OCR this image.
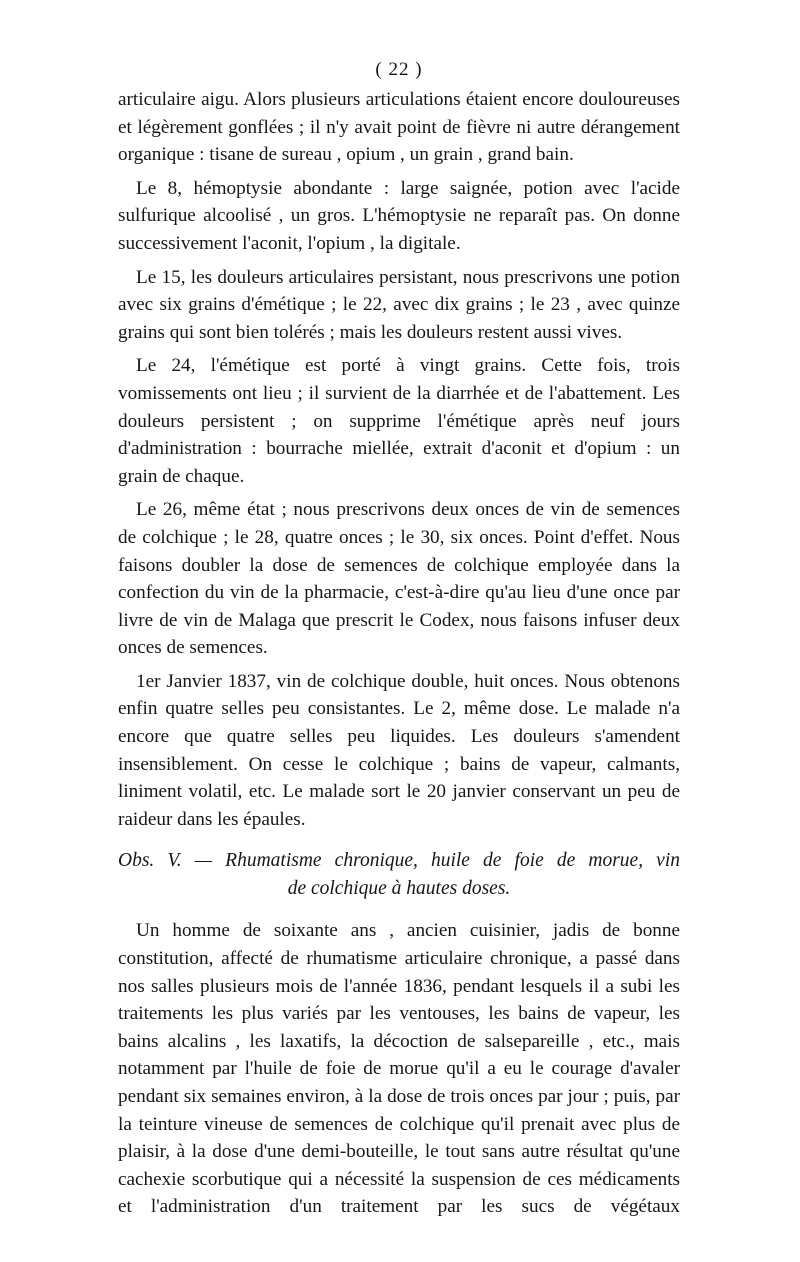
( 22 )

articulaire aigu. Alors plusieurs articulations étaient encore douloureuses et légèrement gonflées ; il n'y avait point de fièvre ni autre dérangement organique : tisane de sureau , opium , un grain , grand bain.

Le 8, hémoptysie abondante : large saignée, potion avec l'acide sulfurique alcoolisé , un gros. L'hémoptysie ne reparaît pas. On donne successivement l'aconit, l'opium , la digitale.

Le 15, les douleurs articulaires persistant, nous prescrivons une potion avec six grains d'émétique ; le 22, avec dix grains ; le 23 , avec quinze grains qui sont bien tolérés ; mais les douleurs restent aussi vives.

Le 24, l'émétique est porté à vingt grains. Cette fois, trois vomissements ont lieu ; il survient de la diarrhée et de l'abattement. Les douleurs persistent ; on supprime l'émétique après neuf jours d'administration : bourrache miellée, extrait d'aconit et d'opium : un grain de chaque.

Le 26, même état ; nous prescrivons deux onces de vin de semences de colchique ; le 28, quatre onces ; le 30, six onces. Point d'effet. Nous faisons doubler la dose de semences de colchique employée dans la confection du vin de la pharmacie, c'est-à-dire qu'au lieu d'une once par livre de vin de Malaga que prescrit le Codex, nous faisons infuser deux onces de semences.

1er Janvier 1837, vin de colchique double, huit onces. Nous obtenons enfin quatre selles peu consistantes. Le 2, même dose. Le malade n'a encore que quatre selles peu liquides. Les douleurs s'amendent insensiblement. On cesse le colchique ; bains de vapeur, calmants, liniment volatil, etc. Le malade sort le 20 janvier conservant un peu de raideur dans les épaules.

Obs. V. — Rhumatisme chronique, huile de foie de morue, vin
de colchique à hautes doses.

Un homme de soixante ans , ancien cuisinier, jadis de bonne constitution, affecté de rhumatisme articulaire chronique, a passé dans nos salles plusieurs mois de l'année 1836, pendant lesquels il a subi les traitements les plus variés par les ventouses, les bains de vapeur, les bains alcalins , les laxatifs, la décoction de salsepareille , etc., mais notamment par l'huile de foie de morue qu'il a eu le courage d'avaler pendant six semaines environ, à la dose de trois onces par jour ; puis, par la teinture vineuse de semences de colchique qu'il prenait avec plus de plaisir, à la dose d'une demi-bouteille, le tout sans autre résultat qu'une cachexie scorbutique qui a nécessité la suspension de ces médicaments et l'administration d'un traitement par les sucs de végétaux
